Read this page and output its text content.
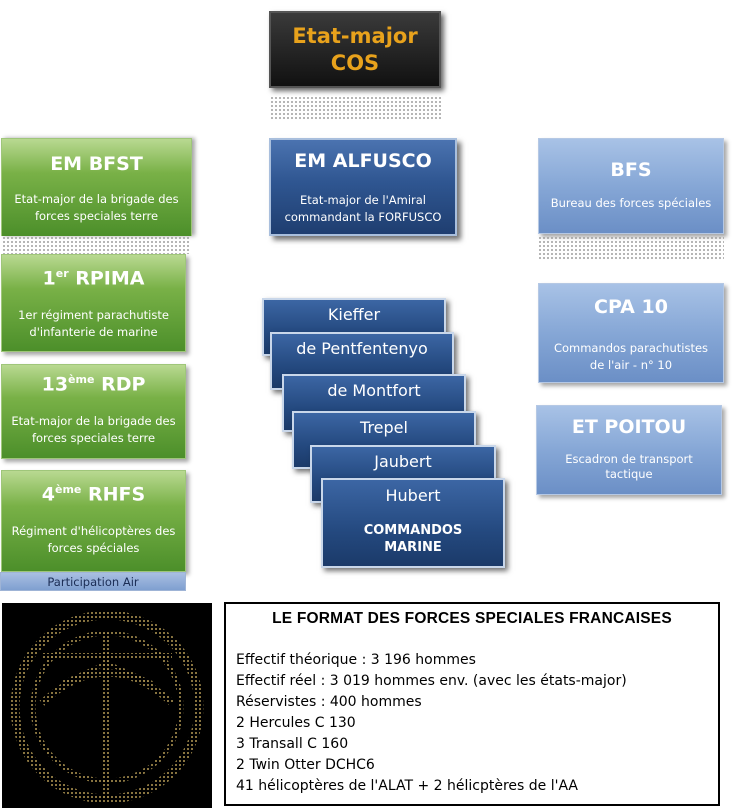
Etat-major
COS
EM BFST
Etat-major de la brigade des forces speciales terre
1er RPIMA
1er régiment parachutiste d'infanterie de marine
13ème RDP
Etat-major de la brigade des forces speciales terre
4ème RHFS
Régiment d'hélicoptères des forces spéciales
Participation Air
EM ALFUSCO
Etat-major de l'Amiral commandant la FORFUSCO
Kieffer
de Pentfentenyo
de Montfort
Trepel
Jaubert
Hubert
COMMANDOS
MARINE
BFS
Bureau des forces spéciales
CPA 10
Commandos parachutistes de l'air - n° 10
ET POITOU
Escadron de transport tactique
LE FORMAT DES FORCES SPECIALES FRANCAISES
Effectif théorique : 3 196 hommes
Effectif réel : 3 019 hommes env. (avec les états-major)
Réservistes : 400 hommes
2 Hercules C 130
3 Transall C 160
2 Twin Otter DCHC6
41 hélicoptères de l'ALAT + 2 hélicptères de l'AA
